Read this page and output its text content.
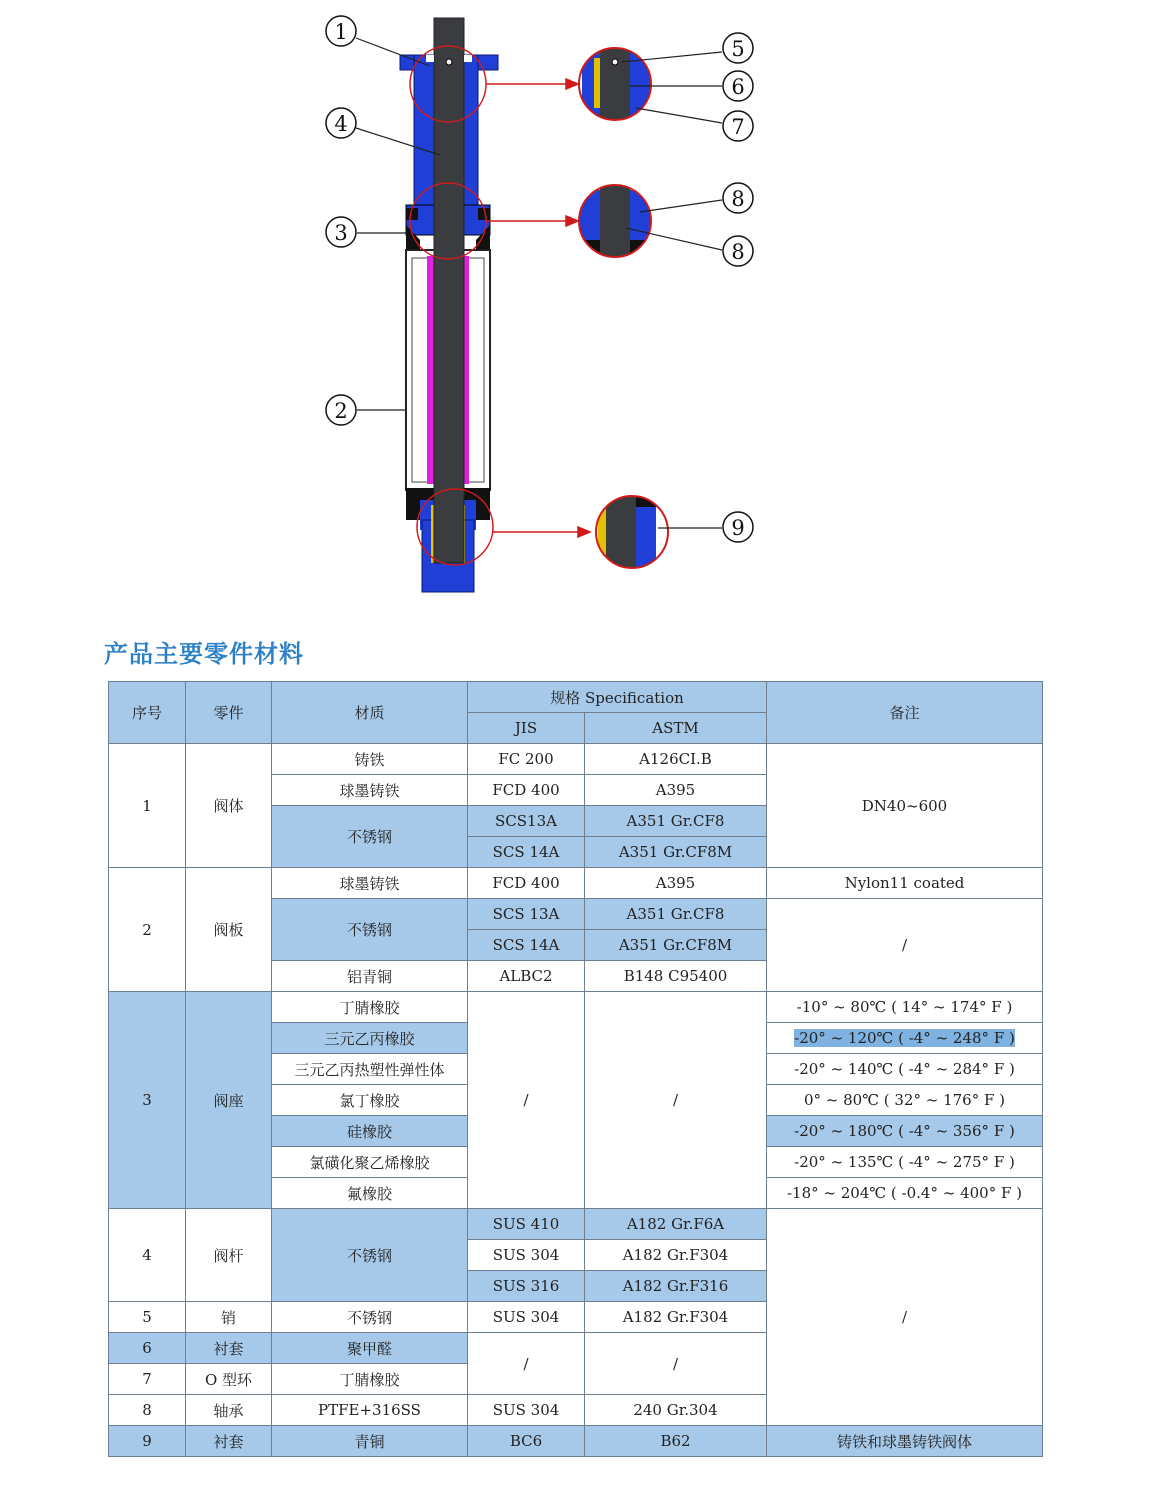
1
4
3
2
5
6
7
8
8
9
产品主要零件材料
序号	零件	材质	规格 Specification		备注
			JIS	ASTM	
1	阀体	铸铁	FC 200	A126CI.B	DN40~600
		球墨铸铁	FCD 400	A395	
		不锈钢	SCS13A	A351 Gr.CF8	
			SCS 14A	A351 Gr.CF8M	
2	阀板	球墨铸铁	FCD 400	A395	Nylon11 coated
		不锈钢	SCS 13A	A351 Gr.CF8	/
			SCS 14A	A351 Gr.CF8M	
		铝青铜	ALBC2	B148 C95400	
3	阀座	丁腈橡胶	/	/	-10° ~ 80℃ ( 14° ~ 174° F )
		三元乙丙橡胶			-20° ~ 120℃ ( -4° ~ 248° F )
		三元乙丙热塑性弹性体			-20° ~ 140℃ ( -4° ~ 284° F )
		氯丁橡胶			0° ~ 80℃ ( 32° ~ 176° F )
		硅橡胶			-20° ~ 180℃ ( -4° ~ 356° F )
		氯磺化聚乙烯橡胶			-20° ~ 135℃ ( -4° ~ 275° F )
		氟橡胶			-18° ~ 204℃ ( -0.4° ~ 400° F )
4	阀杆	不锈钢	SUS 410	A182 Gr.F6A	/
			SUS 304	A182 Gr.F304	
			SUS 316	A182 Gr.F316	
5	销	不锈钢	SUS 304	A182 Gr.F304	
6	衬套	聚甲醛	/	/	
7	O 型环	丁腈橡胶			
8	轴承	PTFE+316SS	SUS 304	240 Gr.304	
9	衬套	青铜	BC6	B62	铸铁和球墨铸铁阀体
